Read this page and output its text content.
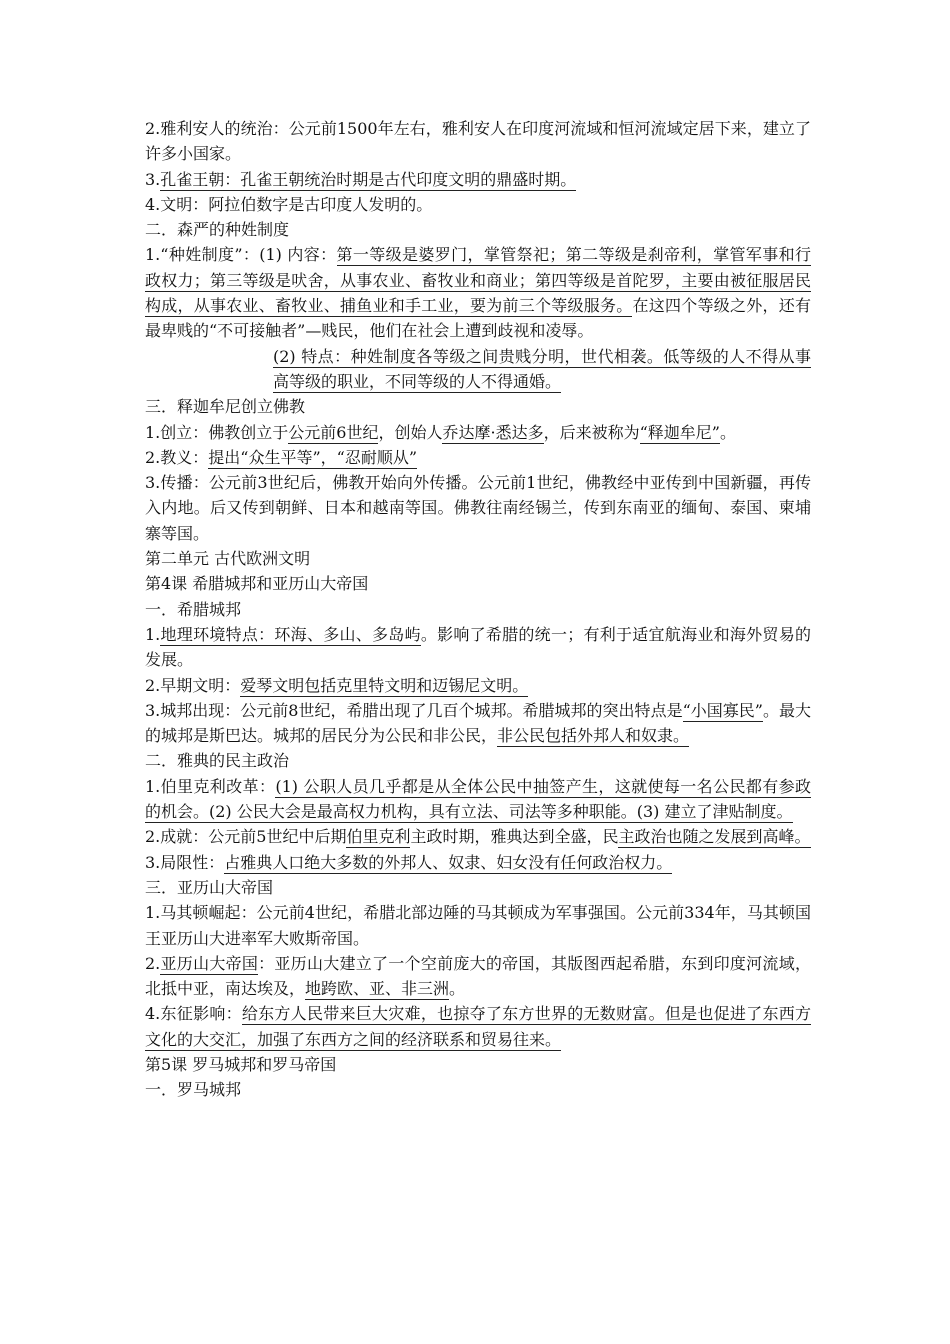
2.雅利安人的统治：公元前1500年左右，雅利安人在印度河流域和恒河流域定居下来，建立了许多小国家。

3.孔雀王朝：孔雀王朝统治时期是古代印度文明的鼎盛时期。

4.文明：阿拉伯数字是古印度人发明的。

二．森严的种姓制度

1.“种姓制度”：(1) 内容：第一等级是婆罗门，掌管祭祀；第二等级是刹帝利，掌管军事和行政权力；第三等级是吠舍，从事农业、畜牧业和商业；第四等级是首陀罗，主要由被征服居民构成，从事农业、畜牧业、捕鱼业和手工业，要为前三个等级服务。在这四个等级之外，还有最卑贱的“不可接触者”—贱民，他们在社会上遭到歧视和凌辱。

(2) 特点：种姓制度各等级之间贵贱分明，世代相袭。低等级的人不得从事高等级的职业，不同等级的人不得通婚。

三．释迦牟尼创立佛教

1.创立：佛教创立于公元前6世纪，创始人乔达摩·悉达多，后来被称为“释迦牟尼”。

2.教义：提出“众生平等”，“忍耐顺从”

3.传播：公元前3世纪后，佛教开始向外传播。公元前1世纪，佛教经中亚传到中国新疆，再传入内地。后又传到朝鲜、日本和越南等国。佛教往南经锡兰，传到东南亚的缅甸、泰国、柬埔寨等国。

第二单元 古代欧洲文明

第4课 希腊城邦和亚历山大帝国

一．希腊城邦

1.地理环境特点：环海、多山、多岛屿。影响了希腊的统一；有利于适宜航海业和海外贸易的发展。

2.早期文明：爱琴文明包括克里特文明和迈锡尼文明。

3.城邦出现：公元前8世纪，希腊出现了几百个城邦。希腊城邦的突出特点是“小国寡民”。最大的城邦是斯巴达。城邦的居民分为公民和非公民，非公民包括外邦人和奴隶。

二．雅典的民主政治

1.伯里克利改革：(1) 公职人员几乎都是从全体公民中抽签产生，这就使每一名公民都有参政的机会。(2) 公民大会是最高权力机构，具有立法、司法等多种职能。(3) 建立了津贴制度。

2.成就：公元前5世纪中后期伯里克利主政时期，雅典达到全盛，民主政治也随之发展到高峰。

3.局限性：占雅典人口绝大多数的外邦人、奴隶、妇女没有任何政治权力。

三．亚历山大帝国

1.马其顿崛起：公元前4世纪，希腊北部边陲的马其顿成为军事强国。公元前334年，马其顿国王亚历山大进率军大败斯帝国。

2.亚历山大帝国：亚历山大建立了一个空前庞大的帝国，其版图西起希腊，东到印度河流域，北抵中亚，南达埃及，地跨欧、亚、非三洲。

4.东征影响：给东方人民带来巨大灾难，也掠夺了东方世界的无数财富。但是也促进了东西方文化的大交汇，加强了东西方之间的经济联系和贸易往来。

第5课 罗马城邦和罗马帝国

一．罗马城邦
